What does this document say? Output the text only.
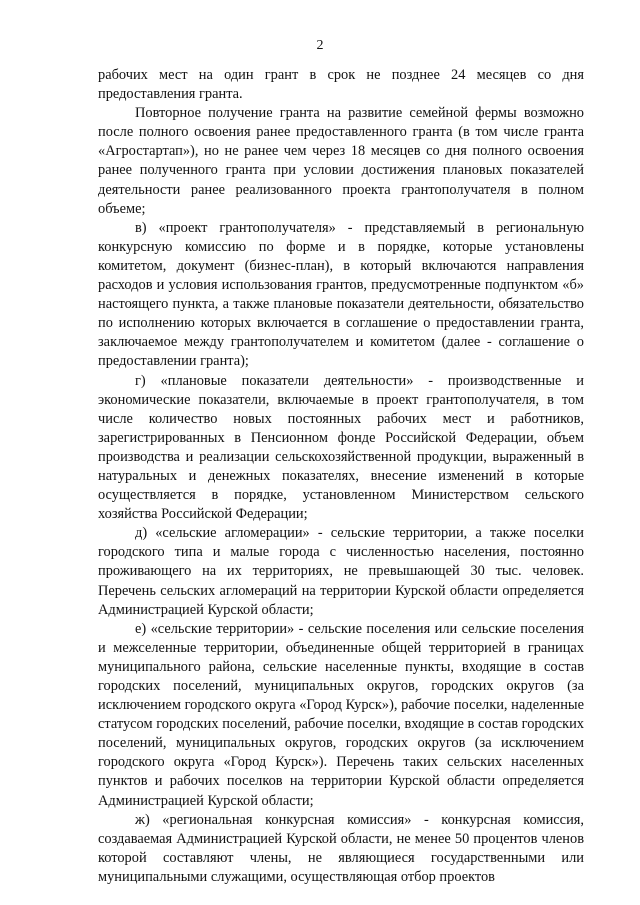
2

рабочих мест на один грант в срок не позднее 24 месяцев со дня предоставления гранта.

Повторное получение гранта на развитие семейной фермы возможно после полного освоения ранее предоставленного гранта (в том числе гранта «Агростартап»), но не ранее чем через 18 месяцев со дня полного освоения ранее полученного гранта при условии достижения плановых показателей деятельности ранее реализованного проекта грантополучателя в полном объеме;

в) «проект грантополучателя» - представляемый в региональную конкурсную комиссию по форме и в порядке, которые установлены комитетом, документ (бизнес-план), в который включаются направления расходов и условия использования грантов, предусмотренные подпунктом «б» настоящего пункта, а также плановые показатели деятельности, обязательство по исполнению которых включается в соглашение о предоставлении гранта, заключаемое между грантополучателем и комитетом (далее - соглашение о предоставлении гранта);

г) «плановые показатели деятельности» - производственные и экономические показатели, включаемые в проект грантополучателя, в том числе количество новых постоянных рабочих мест и работников, зарегистрированных в Пенсионном фонде Российской Федерации, объем производства и реализации сельскохозяйственной продукции, выраженный в натуральных и денежных показателях, внесение изменений в которые осуществляется в порядке, установленном Министерством сельского хозяйства Российской Федерации;

д) «сельские агломерации» - сельские территории, а также поселки городского типа и малые города с численностью населения, постоянно проживающего на их территориях, не превышающей 30 тыс. человек. Перечень сельских агломераций на территории Курской области определяется Администрацией Курской области;

е) «сельские территории» - сельские поселения или сельские поселения и межселенные территории, объединенные общей территорией в границах муниципального района, сельские населенные пункты, входящие в состав городских поселений, муниципальных округов, городских округов (за исключением городского округа «Город Курск»), рабочие поселки, наделенные статусом городских поселений, рабочие поселки, входящие в состав городских поселений, муниципальных округов, городских округов (за исключением городского округа «Город Курск»). Перечень таких сельских населенных пунктов и рабочих поселков на территории Курской области определяется Администрацией Курской области;

ж) «региональная конкурсная комиссия» - конкурсная комиссия, создаваемая Администрацией Курской области, не менее 50 процентов членов которой составляют члены, не являющиеся государственными или муниципальными служащими, осуществляющая отбор проектов
